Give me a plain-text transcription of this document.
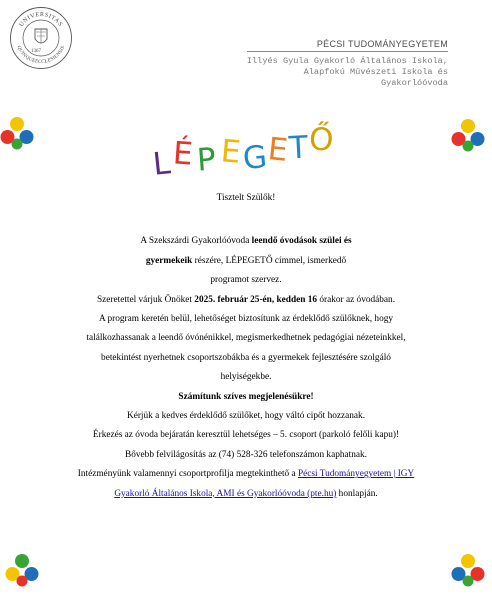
UNIVERSITAS
QUINQUEECCLESIENSIS
1367
PÉCSI TUDOMÁNYEGYETEM
Illyés Gyula Gyakorló Általános Iskola,
Alapfokú Művészeti Iskola és
Gyakorlóóvoda
L É P E G
E
T
Ő

Tisztelt Szülők!

A Szekszárdi Gyakorlóóvoda leendő óvodások szülei és

gyermekeik részére, LÉPEGETŐ címmel, ismerkedő

programot szervez.

Szeretettel várjuk Önöket 2025. február 25-én, kedden 16 órakor az óvodában.

A program keretén belül, lehetőséget biztosítunk az érdeklődő szülőknek, hogy

találkozhassanak a leendő óvónénikkel, megismerkedhetnek pedagógiai nézeteinkkel,

betekintést nyerhetnek csoportszobákba és a gyermekek fejlesztésére szolgáló

helyiségekbe.

Számítunk szíves megjelenésükre!

Kérjük a kedves érdeklődő szülőket, hogy váltó cipőt hozzanak.

Érkezés az óvoda bejáratán keresztül lehetséges – 5. csoport (parkoló felőli kapu)!

Bővebb felvilágosítás az (74) 528-326 telefonszámon kaphatnak.

Intézményünk valamennyi csoportprofilja megtekinthető a Pécsi Tudományegyetem | IGY

Gyakorló Általános Iskola, AMI és Gyakorlóóvoda (pte.hu) honlapján.
